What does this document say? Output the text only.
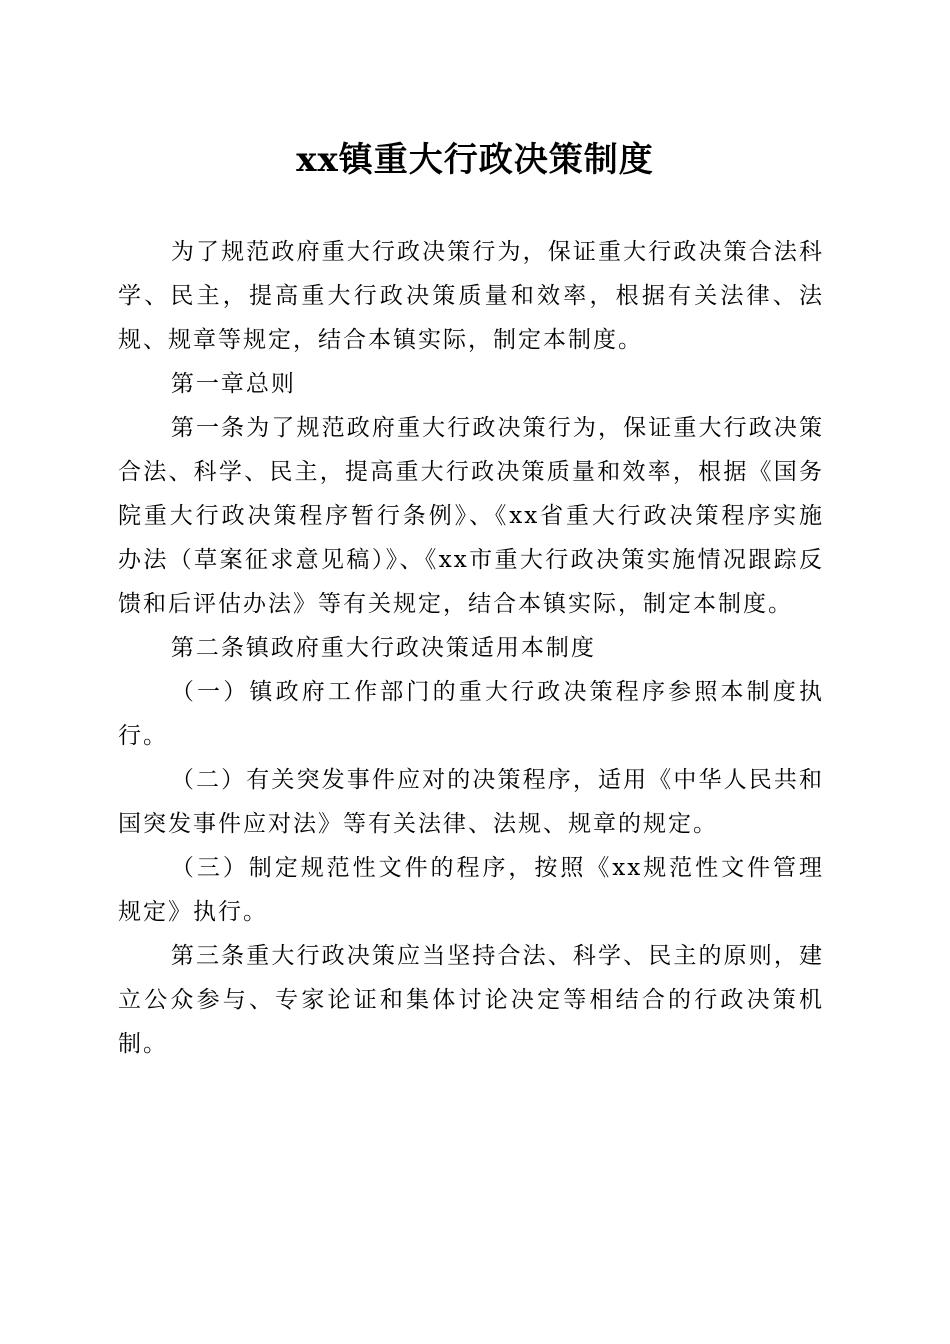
xx镇重大行政决策制度

为了规范政府重大行政决策行为，保证重大行政决策合法科学、民主，提高重大行政决策质量和效率，根据有关法律、法规、规章等规定，结合本镇实际，制定本制度。

第一章总则

第一条为了规范政府重大行政决策行为，保证重大行政决策合法、科学、民主，提高重大行政决策质量和效率，根据《国务院重大行政决策程序暂行条例》、《xx省重大行政决策程序实施办法（草案征求意见稿）》、《xx市重大行政决策实施情况跟踪反馈和后评估办法》等有关规定，结合本镇实际，制定本制度。

第二条镇政府重大行政决策适用本制度

（一）镇政府工作部门的重大行政决策程序参照本制度执行。

（二）有关突发事件应对的决策程序，适用《中华人民共和国突发事件应对法》等有关法律、法规、规章的规定。

（三）制定规范性文件的程序，按照《xx规范性文件管理规定》执行。

第三条重大行政决策应当坚持合法、科学、民主的原则，建立公众参与、专家论证和集体讨论决定等相结合的行政决策机制。
